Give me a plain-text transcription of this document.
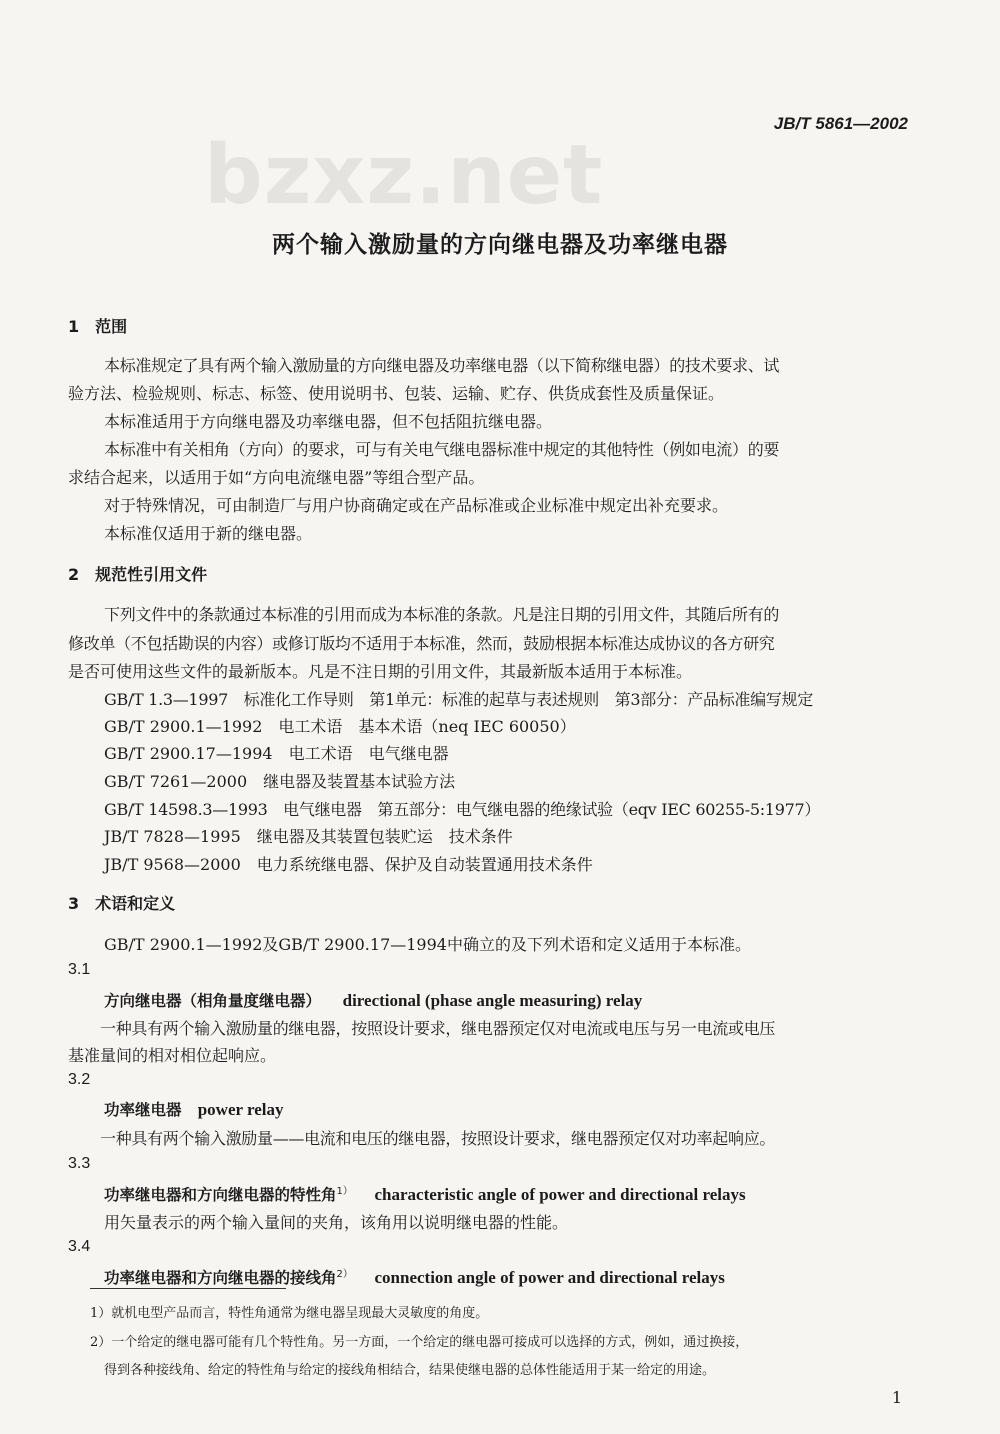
JB/T 5861—2002
bzxz.net
两个输入激励量的方向继电器及功率继电器
1　范围
本标准规定了具有两个输入激励量的方向继电器及功率继电器（以下简称继电器）的技术要求、试
验方法、检验规则、标志、标签、使用说明书、包装、运输、贮存、供货成套性及质量保证。
本标准适用于方向继电器及功率继电器，但不包括阻抗继电器。
本标准中有关相角（方向）的要求，可与有关电气继电器标准中规定的其他特性（例如电流）的要
求结合起来，以适用于如“方向电流继电器”等组合型产品。
对于特殊情况，可由制造厂与用户协商确定或在产品标准或企业标准中规定出补充要求。
本标准仅适用于新的继电器。
2　规范性引用文件
下列文件中的条款通过本标准的引用而成为本标准的条款。凡是注日期的引用文件，其随后所有的
修改单（不包括勘误的内容）或修订版均不适用于本标准，然而，鼓励根据本标准达成协议的各方研究
是否可使用这些文件的最新版本。凡是不注日期的引用文件，其最新版本适用于本标准。
GB/T 1.3—1997　标准化工作导则　第1单元：标准的起草与表述规则　第3部分：产品标准编写规定
GB/T 2900.1—1992　电工术语　基本术语（neq IEC 60050）
GB/T 2900.17—1994　电工术语　电气继电器
GB/T 7261—2000　继电器及装置基本试验方法
GB/T 14598.3—1993　电气继电器　第五部分：电气继电器的绝缘试验（eqv IEC 60255-5:1977）
JB/T 7828—1995　继电器及其装置包装贮运　技术条件
JB/T 9568—2000　电力系统继电器、保护及自动装置通用技术条件
3　术语和定义
GB/T 2900.1—1992及GB/T 2900.17—1994中确立的及下列术语和定义适用于本标准。
3.1
方向继电器（相角量度继电器） directional (phase angle measuring) relay
一种具有两个输入激励量的继电器，按照设计要求，继电器预定仅对电流或电压与另一电流或电压
基准量间的相对相位起响应。
3.2
功率继电器 power relay
一种具有两个输入激励量——电流和电压的继电器，按照设计要求，继电器预定仅对功率起响应。
3.3
功率继电器和方向继电器的特性角$^{1)}$ characteristic angle of power and directional relays
用矢量表示的两个输入量间的夹角，该角用以说明继电器的性能。
3.4
功率继电器和方向继电器的接线角$^{2)}$ connection angle of power and directional relays
1）就机电型产品而言，特性角通常为继电器呈现最大灵敏度的角度。
2）一个给定的继电器可能有几个特性角。另一方面，一个给定的继电器可接成可以选择的方式，例如，通过换接，
得到各种接线角、给定的特性角与给定的接线角相结合，结果使继电器的总体性能适用于某一给定的用途。
1
